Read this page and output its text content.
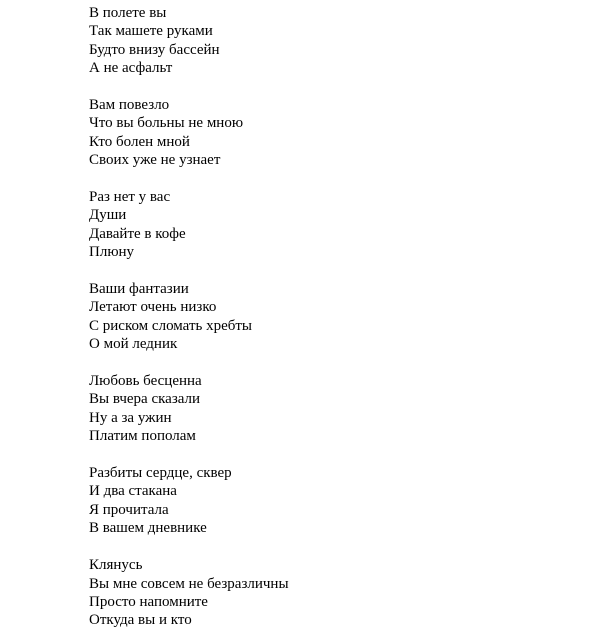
В полете вы
Так машете руками
Будто внизу бассейн
А не асфальт
Вам повезло
Что вы больны не мною
Кто болен мной
Своих уже не узнает
Раз нет у вас
Души
Давайте в кофе
Плюну
Ваши фантазии
Летают очень низко
С риском сломать хребты
О мой ледник
Любовь бесценна
Вы вчера сказали
Ну а за ужин
Платим пополам
Разбиты сердце, сквер
И два стакана
Я прочитала
В вашем дневнике
Клянусь
Вы мне совсем не безразличны
Просто напомните
Откуда вы и кто
